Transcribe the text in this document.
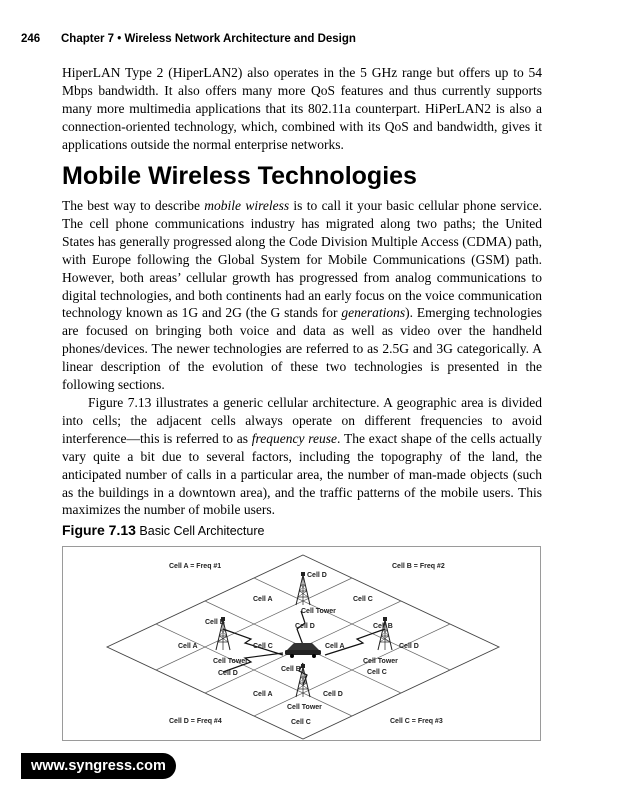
246 Chapter 7 • Wireless Network Architecture and Design

HiperLAN Type 2 (HiperLAN2) also operates in the 5 GHz range but offers up to 54 Mbps bandwidth. It also offers many more QoS features and thus currently supports many more multimedia applications that its 802.11a counterpart. HiPerLAN2 is also a connection-oriented technology, which, combined with its QoS and bandwidth, gives it applications outside the normal enterprise networks.

Mobile Wireless Technologies

The best way to describe mobile wireless is to call it your basic cellular phone service. The cell phone communications industry has migrated along two paths; the United States has generally progressed along the Code Division Multiple Access (CDMA) path, with Europe following the Global System for Mobile Communications (GSM) path. However, both areas’ cellular growth has progressed from analog communications to digital technologies, and both continents had an early focus on the voice communication technology known as 1G and 2G (the G stands for generations). Emerging technologies are focused on bringing both voice and data as well as video over the handheld phones/devices. The newer technologies are referred to as 2.5G and 3G categorically. A linear description of the evolution of these two technologies is presented in the following sections.

Figure 7.13 illustrates a generic cellular architecture. A geographic area is divided into cells; the adjacent cells always operate on different frequencies to avoid interference—this is referred to as frequency reuse. The exact shape of the cells actually vary quite a bit due to several factors, including the topography of the land, the anticipated number of calls in a particular area, the number of man-made objects (such as the buildings in a downtown area), and the traffic patterns of the mobile users. This maximizes the number of mobile users.

Figure 7.13 Basic Cell Architecture
Cell A = Freq #1	Cell B = Freq #2
Cell D = Freq #4	Cell C = Freq #3
Cell D
Cell A	Cell C
Cell Tower
Cell B
Cell D	Cell B
Cell A	Cell C	Cell A	Cell D
Cell Tower	Cell Tower
Cell D
Cell B	Cell C
Cell A	Cell D
Cell Tower
Cell C
www.syngress.com
